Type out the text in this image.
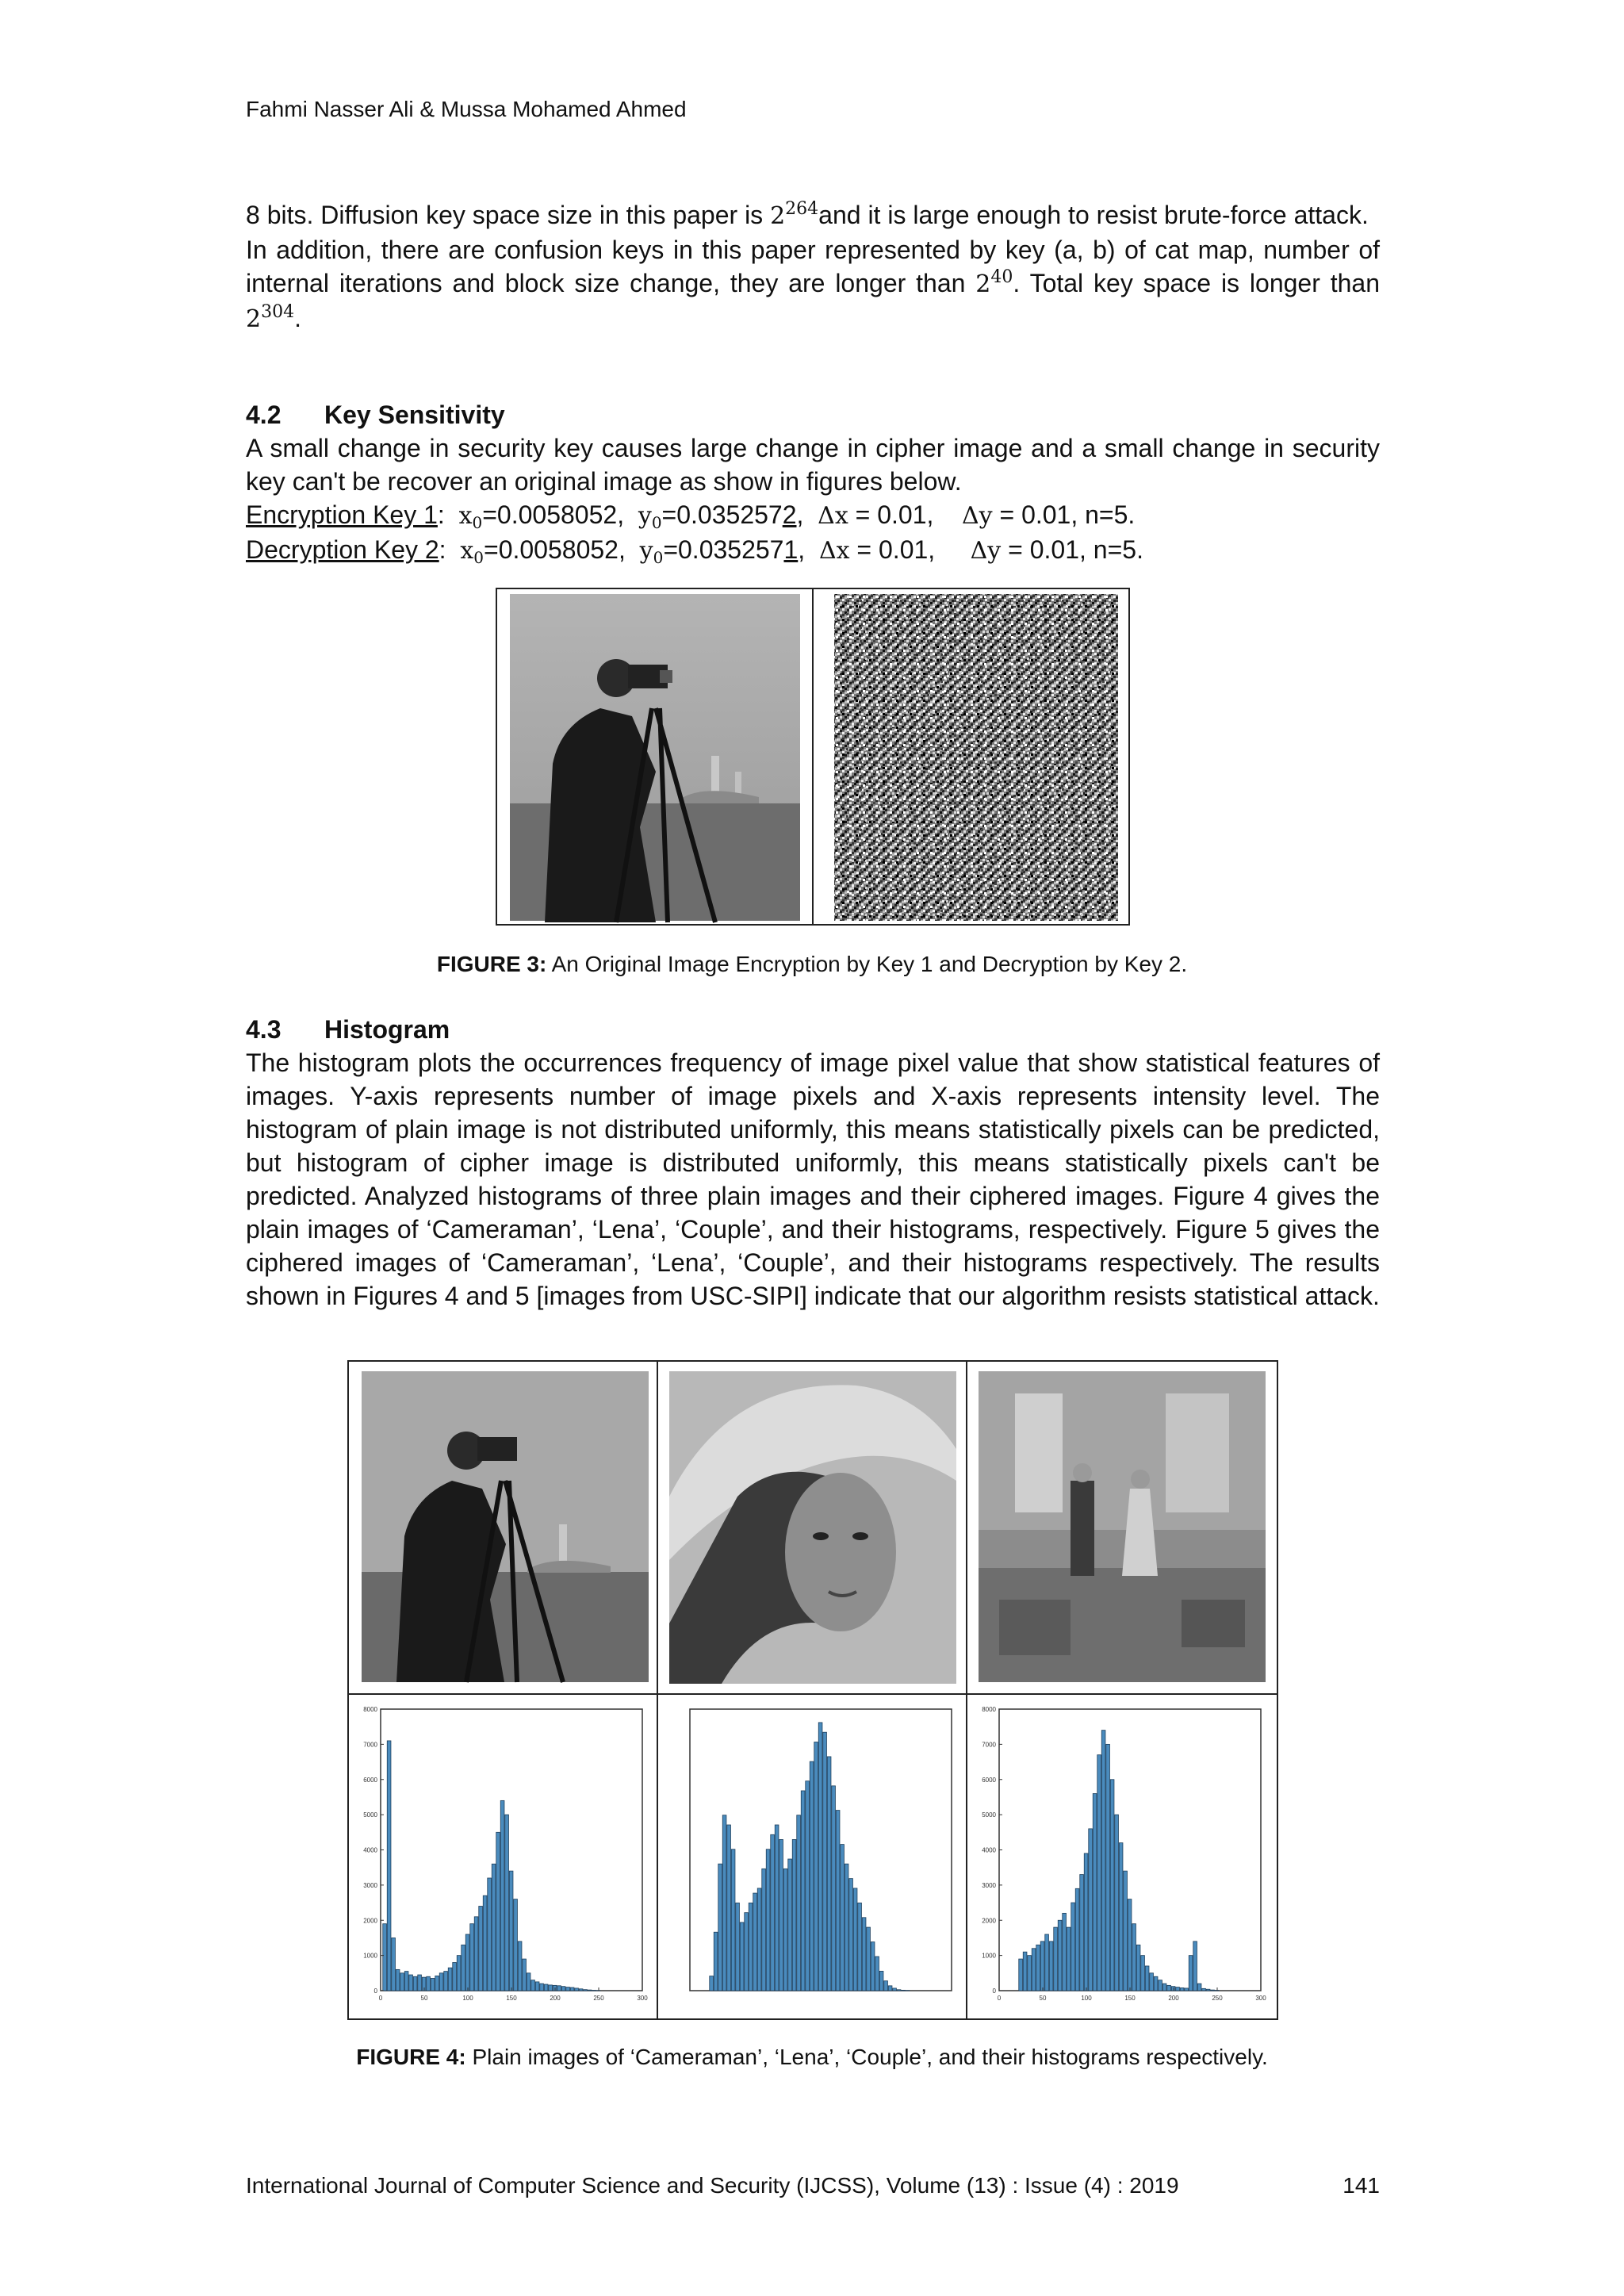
Fahmi Nasser Ali & Mussa Mohamed Ahmed

8 bits. Diffusion key space size in this paper is $2^{264}and$ it is large enough to resist brute-force attack.

In addition, there are confusion keys in this paper represented by key (a, b) of cat map, number of internal iterations and block size change, they are longer than $2^{40}$. Total key space is longer than $2^{304}$.

4.2 Key Sensitivity

A small change in security key causes large change in cipher image and a small change in security key can't be recover an original image as show in figures below.

Encryption Key 1:  $x_0=0.0058052$, $y_0=0.0352572$,  Δx = 0.01, Δy = 0.01, n=5.
Decryption Key 2:  $x_0=0.0058052$, $y_0=0.0352571$,  Δx = 0.01, Δy = 0.01, n=5.
FIGURE 3: An Original Image Encryption by Key 1 and Decryption by Key 2.
4.3 Histogram

The histogram plots the occurrences frequency of image pixel value that show statistical features of images. Y-axis represents number of image pixels and X-axis represents intensity level. The histogram of plain image is not distributed uniformly, this means statistically pixels can be predicted, but histogram of cipher image is distributed uniformly, this means statistically pixels can't be predicted. Analyzed histograms of three plain images and their ciphered images. Figure 4 gives the plain images of ‘Cameraman’, ‘Lena’, ‘Couple’, and their histograms, respectively. Figure 5 gives the ciphered images of ‘Cameraman’, ‘Lena’, ‘Couple’, and their histograms respectively. The results shown in Figures 4 and 5 [images from USC-SIPI] indicate that our algorithm resists statistical attack.

0
1000
2000
3000
4000
5000
6000
7000
8000
0	50	100	150	200	250	300
0
1000
2000
3000
4000
5000
6000
7000
8000
0	50	100	150	200	250	300
FIGURE 4: Plain images of ‘Cameraman’, ‘Lena’, ‘Couple’, and their histograms respectively.
International Journal of Computer Science and Security (IJCSS), Volume (13) : Issue (4) : 2019	141
